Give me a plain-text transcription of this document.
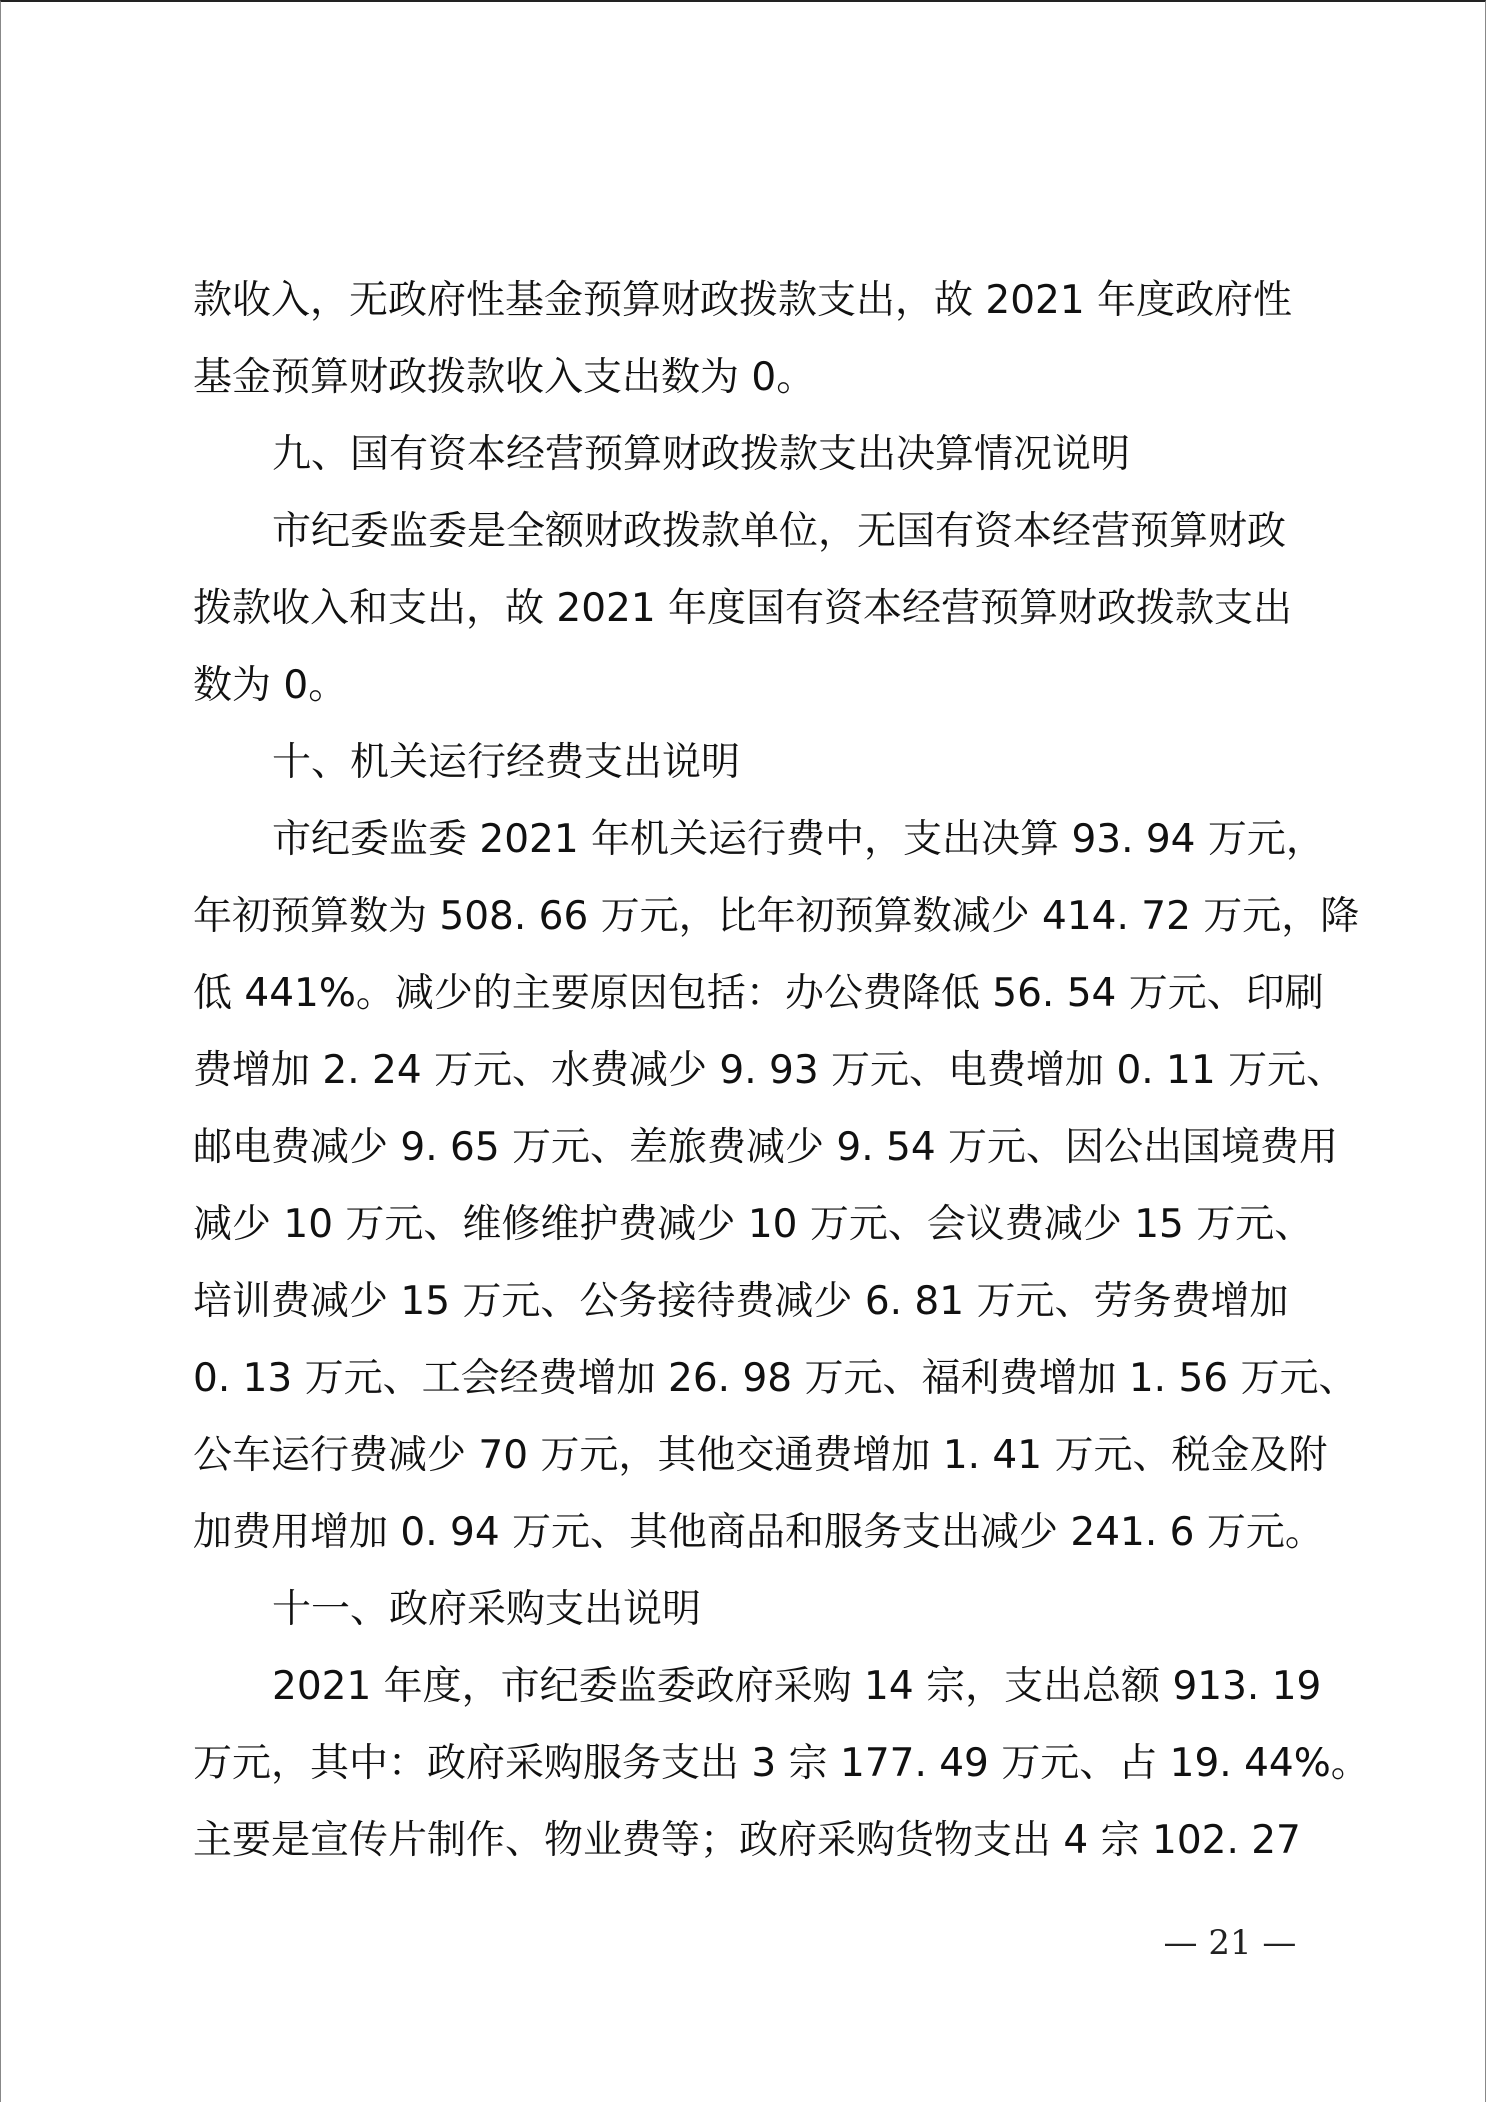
款收入，无政府性基金预算财政拨款支出，故 2021 年度政府性
基金预算财政拨款收入支出数为 0。
九、国有资本经营预算财政拨款支出决算情况说明
市纪委监委是全额财政拨款单位，无国有资本经营预算财政
拨款收入和支出，故 2021 年度国有资本经营预算财政拨款支出
数为 0。
十、机关运行经费支出说明
市纪委监委 2021 年机关运行费中，支出决算 93. 94 万元，
年初预算数为 508. 66 万元，比年初预算数减少 414. 72 万元，降
低 441%。减少的主要原因包括：办公费降低 56. 54 万元、印刷
费增加 2. 24 万元、水费减少 9. 93 万元、电费增加 0. 11 万元、
邮电费减少 9. 65 万元、差旅费减少 9. 54 万元、因公出国境费用
减少 10 万元、维修维护费减少 10 万元、会议费减少 15 万元、
培训费减少 15 万元、公务接待费减少 6. 81 万元、劳务费增加
0. 13 万元、工会经费增加 26. 98 万元、福利费增加 1. 56 万元、
公车运行费减少 70 万元，其他交通费增加 1. 41 万元、税金及附
加费用增加 0. 94 万元、其他商品和服务支出减少 241. 6 万元。
十一、政府采购支出说明
2021 年度，市纪委监委政府采购 14 宗，支出总额 913. 19
万元，其中：政府采购服务支出 3 宗 177. 49 万元、占 19. 44%。
主要是宣传片制作、物业费等；政府采购货物支出 4 宗 102. 27
— 21 —
